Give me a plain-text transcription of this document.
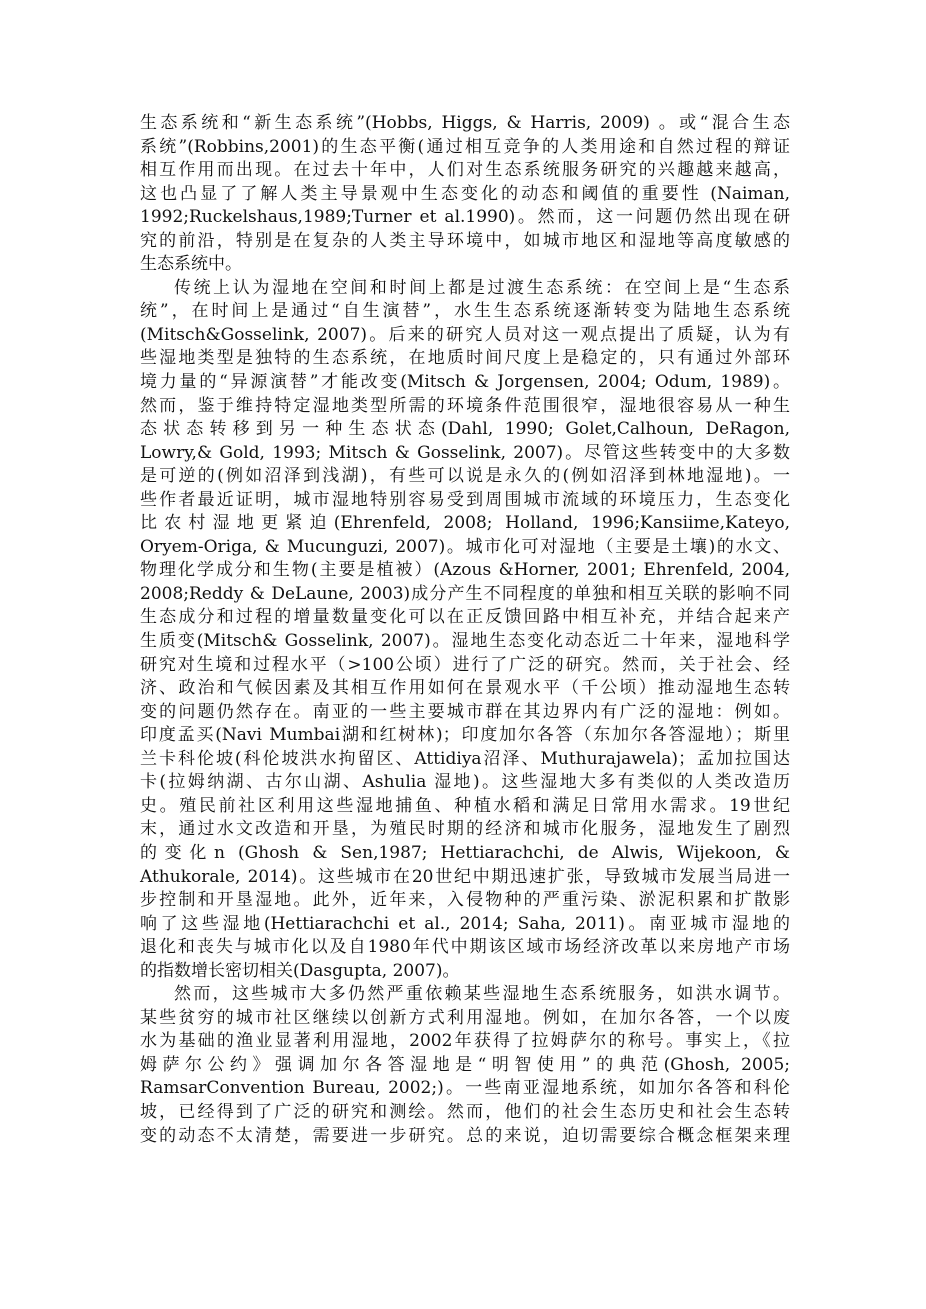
生态系统和“新生态系统”(Hobbs, Higgs, & Harris, 2009) 。或“混合生态
系统”(Robbins,2001)的生态平衡(通过相互竞争的人类用途和自然过程的辩证
相互作用而出现。在过去十年中，人们对生态系统服务研究的兴趣越来越高，
这也凸显了了解人类主导景观中生态变化的动态和阈值的重要性 (Naiman,
1992;Ruckelshaus,1989;Turner et al.1990)。然而，这一问题仍然出现在研
究的前沿，特别是在复杂的人类主导环境中，如城市地区和湿地等高度敏感的
生态系统中。
传统上认为湿地在空间和时间上都是过渡生态系统：在空间上是“生态系
统”，在时间上是通过“自生演替”，水生生态系统逐渐转变为陆地生态系统
(Mitsch&Gosselink, 2007)。后来的研究人员对这一观点提出了质疑，认为有
些湿地类型是独特的生态系统，在地质时间尺度上是稳定的，只有通过外部环
境力量的“异源演替”才能改变(Mitsch & Jorgensen, 2004; Odum, 1989)。
然而，鉴于维持特定湿地类型所需的环境条件范围很窄，湿地很容易从一种生
态状态转移到另一种生态状态(Dahl, 1990; Golet,Calhoun, DeRagon,
Lowry,& Gold, 1993; Mitsch & Gosselink, 2007)。尽管这些转变中的大多数
是可逆的(例如沼泽到浅湖)，有些可以说是永久的(例如沼泽到林地湿地)。一
些作者最近证明，城市湿地特别容易受到周围城市流域的环境压力，生态变化
比农村湿地更紧迫(Ehrenfeld, 2008; Holland, 1996;Kansiime,Kateyo,
Oryem-Origa, & Mucunguzi, 2007)。城市化可对湿地（主要是土壤)的水文、
物理化学成分和生物(主要是植被）(Azous &Horner, 2001; Ehrenfeld, 2004,
2008;Reddy & DeLaune, 2003)成分产生不同程度的单独和相互关联的影响不同
生态成分和过程的增量数量变化可以在正反馈回路中相互补充，并结合起来产
生质变(Mitsch& Gosselink, 2007)。湿地生态变化动态近二十年来，湿地科学
研究对生境和过程水平（>100公顷）进行了广泛的研究。然而，关于社会、经
济、政治和气候因素及其相互作用如何在景观水平（千公顷）推动湿地生态转
变的问题仍然存在。南亚的一些主要城市群在其边界内有广泛的湿地：例如。
印度孟买(Navi Mumbai湖和红树林)；印度加尔各答（东加尔各答湿地）；斯里
兰卡科伦坡(科伦坡洪水拘留区、Attidiya沼泽、Muthurajawela)；孟加拉国达
卡(拉姆纳湖、古尔山湖、Ashulia 湿地)。这些湿地大多有类似的人类改造历
史。殖民前社区利用这些湿地捕鱼、种植水稻和满足日常用水需求。19世纪
末，通过水文改造和开垦，为殖民时期的经济和城市化服务，湿地发生了剧烈
的变化n (Ghosh & Sen,1987; Hettiarachchi, de Alwis, Wijekoon, &
Athukorale, 2014)。这些城市在20世纪中期迅速扩张，导致城市发展当局进一
步控制和开垦湿地。此外，近年来，入侵物种的严重污染、淤泥积累和扩散影
响了这些湿地(Hettiarachchi et al., 2014; Saha, 2011)。南亚城市湿地的
退化和丧失与城市化以及自1980年代中期该区域市场经济改革以来房地产市场
的指数增长密切相关(Dasgupta, 2007)。
然而，这些城市大多仍然严重依赖某些湿地生态系统服务，如洪水调节。
某些贫穷的城市社区继续以创新方式利用湿地。例如，在加尔各答，一个以废
水为基础的渔业显著利用湿地，2002年获得了拉姆萨尔的称号。事实上，《拉
姆萨尔公约》强调加尔各答湿地是“明智使用”的典范(Ghosh, 2005;
RamsarConvention Bureau, 2002;)。一些南亚湿地系统，如加尔各答和科伦
坡，已经得到了广泛的研究和测绘。然而，他们的社会生态历史和社会生态转
变的动态不太清楚，需要进一步研究。总的来说，迫切需要综合概念框架来理
